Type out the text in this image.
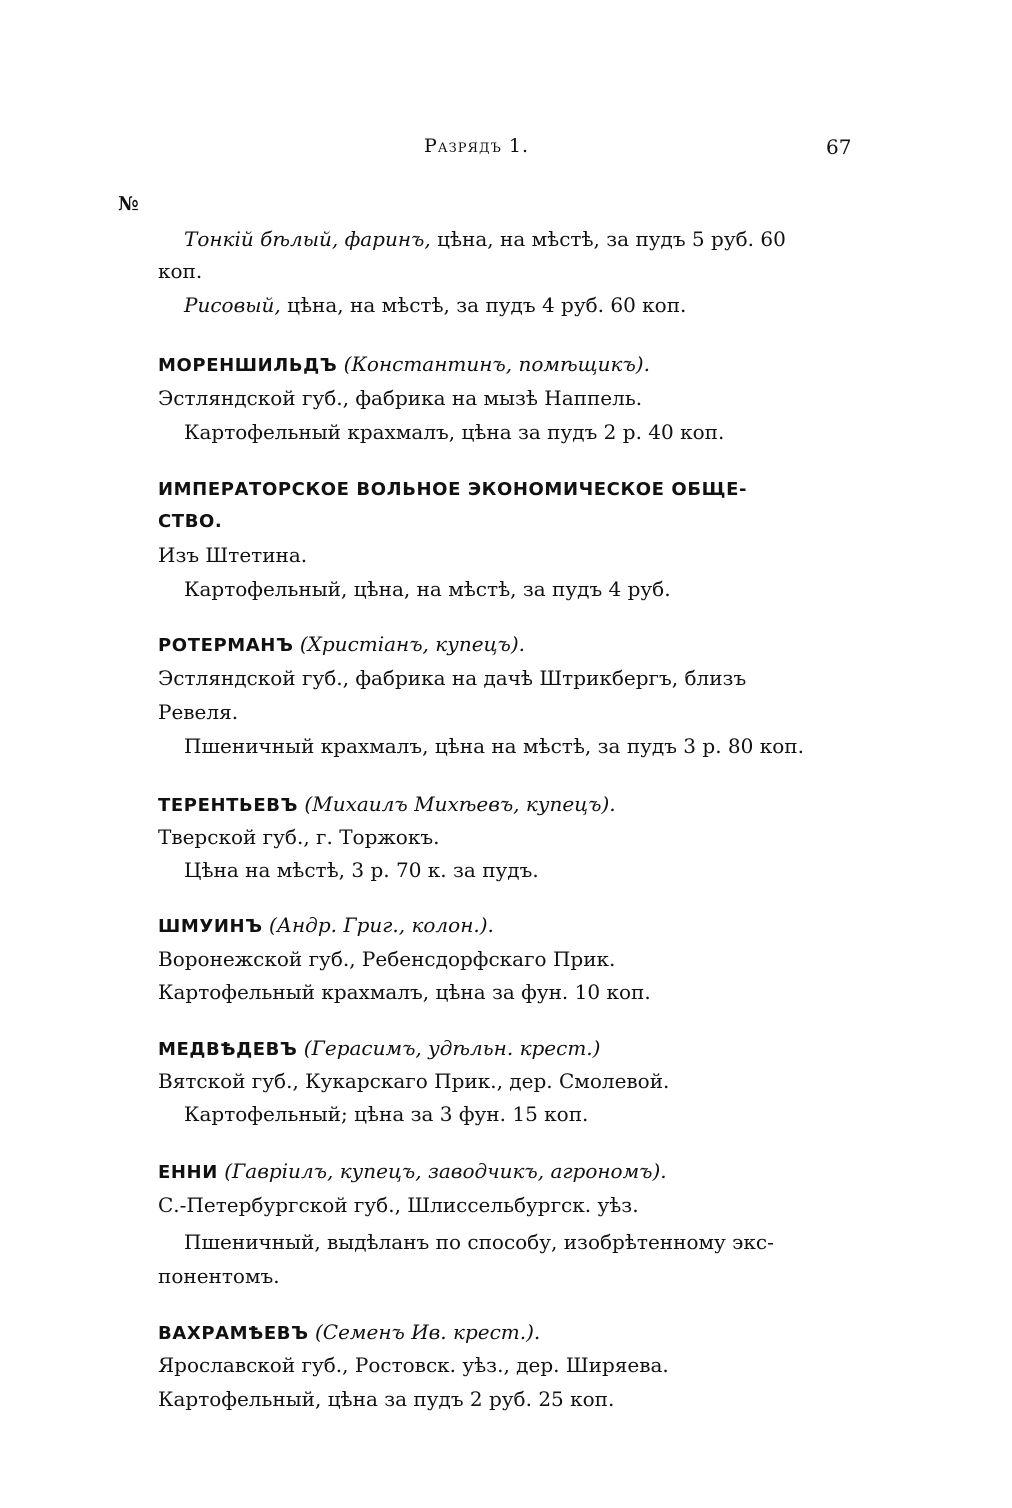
Разрядъ 1.	67
№
Тонкій бѣлый, фаринъ, цѣна, на мѣстѣ, за пудъ 5 руб. 60
коп.
Рисовый, цѣна, на мѣстѣ, за пудъ 4 руб. 60 коп.
МОРЕНШИЛЬДЪ (Константинъ, помѣщикъ).
Эстляндской губ., фабрика на мызѣ Наппель.
Картофельный крахмалъ, цѣна за пудъ 2 р. 40 коп.
ИМПЕРАТОРСКОЕ ВОЛЬНОЕ ЭКОНОМИЧЕСКОЕ ОБЩЕ-
СТВО.
Изъ Штетина.
Картофельный, цѣна, на мѣстѣ, за пудъ 4 руб.
РОТЕРМАНЪ (Христіанъ, купецъ).
Эстляндской губ., фабрика на дачѣ Штрикбергъ, близъ
Ревеля.
Пшеничный крахмалъ, цѣна на мѣстѣ, за пудъ 3 р. 80 коп.
ТЕРЕНТЬЕВЪ (Михаилъ Михѣевъ, купецъ).
Тверской губ., г. Торжокъ.
Цѣна на мѣстѣ, 3 р. 70 к. за пудъ.
ШМУИНЪ (Андр. Григ., колон.).
Воронежской губ., Ребенсдорфскаго Прик.
Картофельный крахмалъ, цѣна за фун. 10 коп.
МЕДВѢДЕВЪ (Герасимъ, удѣльн. крест.)
Вятской губ., Кукарскаго Прик., дер. Смолевой.
Картофельный; цѣна за 3 фун. 15 коп.
ЕННИ (Гавріилъ, купецъ, заводчикъ, агрономъ).
С.-Петербургской губ., Шлиссельбургск. уѣз.
Пшеничный, выдѣланъ по способу, изобрѣтенному экс-
понентомъ.
ВАХРАМѢЕВЪ (Семенъ Ив. крест.).
Ярославской губ., Ростовск. уѣз., дер. Ширяева.
Картофельный, цѣна за пудъ 2 руб. 25 коп.
